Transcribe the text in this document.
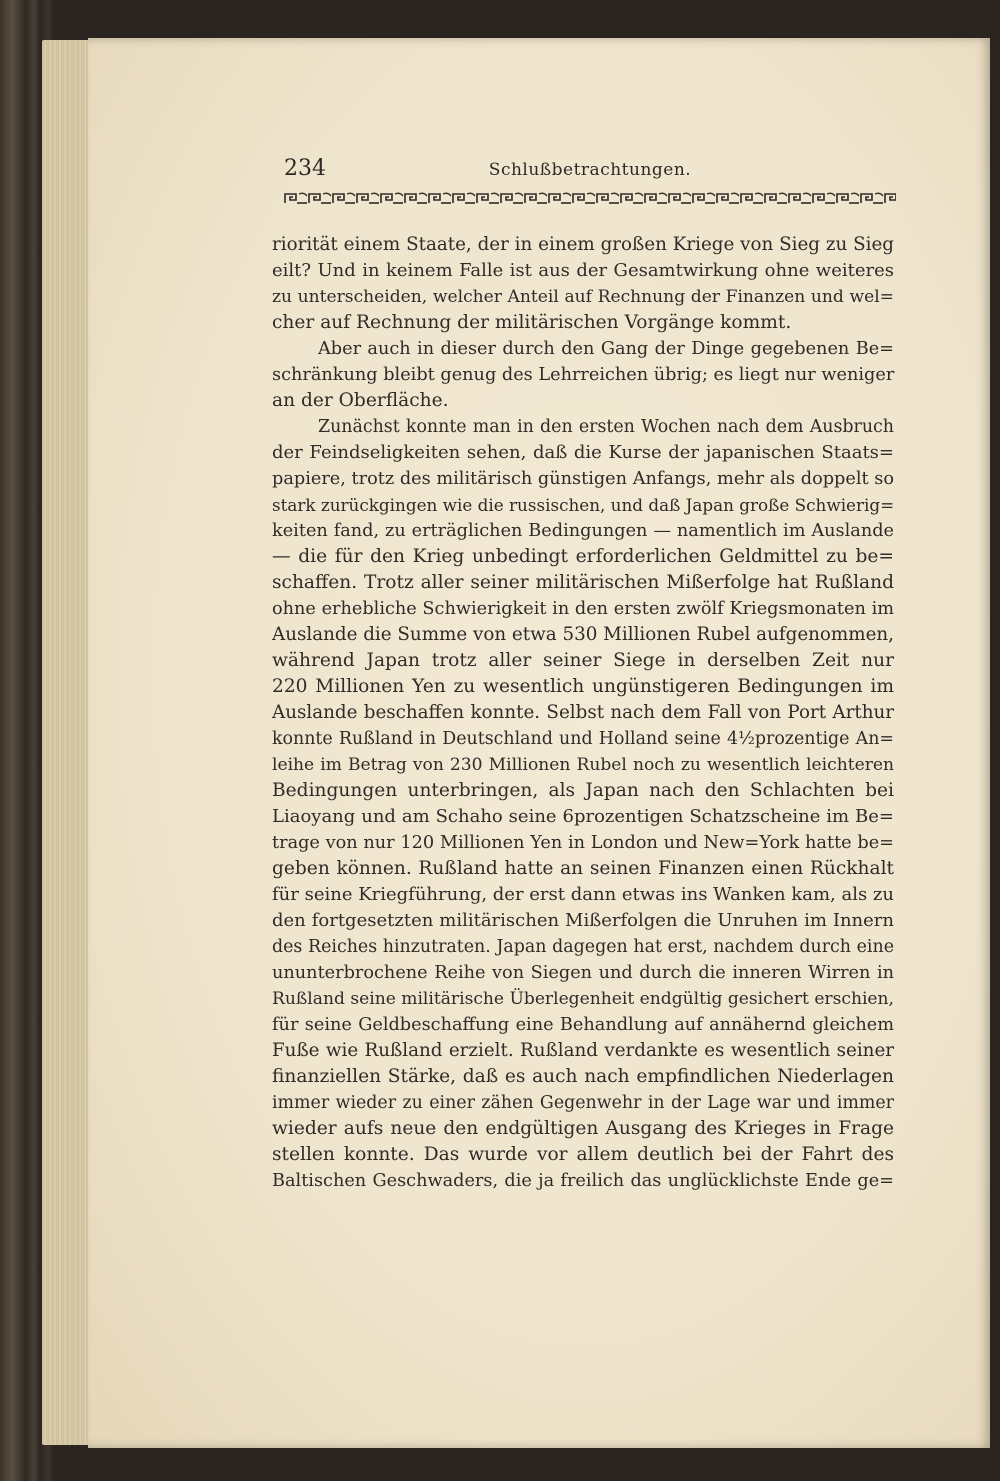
234	Schlußbetrachtungen.
riorität einem Staate, der in einem großen Kriege von Sieg zu Sieg
eilt? Und in keinem Falle ist aus der Gesamtwirkung ohne weiteres
zu unterscheiden, welcher Anteil auf Rechnung der Finanzen und wel=
cher auf Rechnung der militärischen Vorgänge kommt.
Aber auch in dieser durch den Gang der Dinge gegebenen Be=
schränkung bleibt genug des Lehrreichen übrig; es liegt nur weniger
an der Oberfläche.
Zunächst konnte man in den ersten Wochen nach dem Ausbruch
der Feindseligkeiten sehen, daß die Kurse der japanischen Staats=
papiere, trotz des militärisch günstigen Anfangs, mehr als doppelt so
stark zurückgingen wie die russischen, und daß Japan große Schwierig=
keiten fand, zu erträglichen Bedingungen — namentlich im Auslande
— die für den Krieg unbedingt erforderlichen Geldmittel zu be=
schaffen. Trotz aller seiner militärischen Mißerfolge hat Rußland
ohne erhebliche Schwierigkeit in den ersten zwölf Kriegsmonaten im
Auslande die Summe von etwa 530 Millionen Rubel aufgenommen,
während Japan trotz aller seiner Siege in derselben Zeit nur
220 Millionen Yen zu wesentlich ungünstigeren Bedingungen im
Auslande beschaffen konnte. Selbst nach dem Fall von Port Arthur
konnte Rußland in Deutschland und Holland seine 4½prozentige An=
leihe im Betrag von 230 Millionen Rubel noch zu wesentlich leichteren
Bedingungen unterbringen, als Japan nach den Schlachten bei
Liaoyang und am Schaho seine 6prozentigen Schatzscheine im Be=
trage von nur 120 Millionen Yen in London und New=York hatte be=
geben können. Rußland hatte an seinen Finanzen einen Rückhalt
für seine Kriegführung, der erst dann etwas ins Wanken kam, als zu
den fortgesetzten militärischen Mißerfolgen die Unruhen im Innern
des Reiches hinzutraten. Japan dagegen hat erst, nachdem durch eine
ununterbrochene Reihe von Siegen und durch die inneren Wirren in
Rußland seine militärische Überlegenheit endgültig gesichert erschien,
für seine Geldbeschaffung eine Behandlung auf annähernd gleichem
Fuße wie Rußland erzielt. Rußland verdankte es wesentlich seiner
finanziellen Stärke, daß es auch nach empfindlichen Niederlagen
immer wieder zu einer zähen Gegenwehr in der Lage war und immer
wieder aufs neue den endgültigen Ausgang des Krieges in Frage
stellen konnte. Das wurde vor allem deutlich bei der Fahrt des
Baltischen Geschwaders, die ja freilich das unglücklichste Ende ge=
